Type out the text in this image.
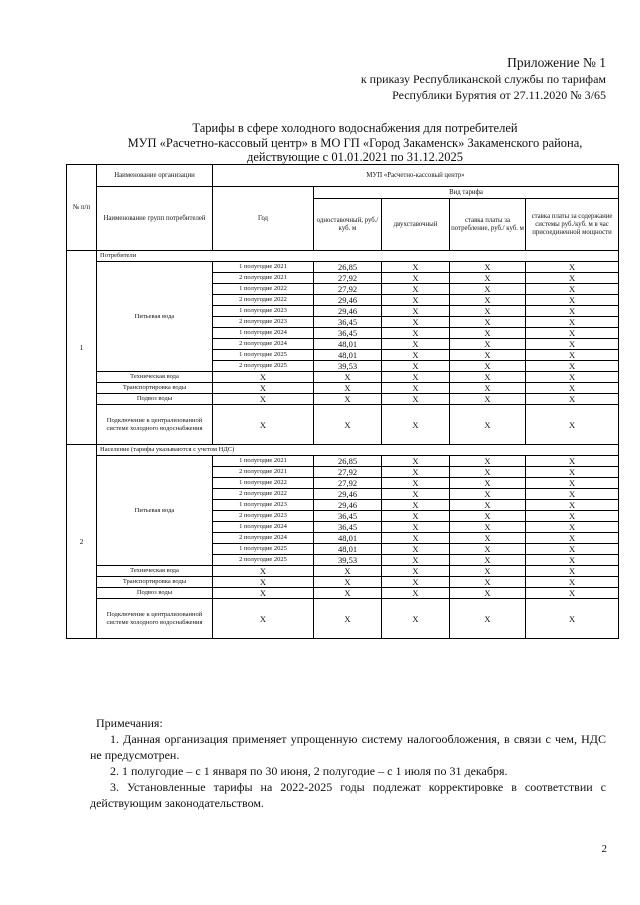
Приложение № 1
к приказу Республиканской службы по тарифам
Республики Бурятия от 27.11.2020 № 3/65
Тарифы в сфере холодного водоснабжения для потребителей
МУП «Расчетно-кассовый центр» в МО ГП «Город Закаменск» Закаменского района,
действующие с 01.01.2021 по 31.12.2025
№ п/п	Наименование организации	МУП «Расчетно-кассовый центр»				
	Наименование групп потребителей	Год	Вид тарифа			
			одноставочный, руб./ куб. м	двухставочный	ставка платы за потребление, руб./ куб. м	ставка платы за содержание системы руб./куб. м в час присоединенной мощности
1	Потребители					
	Питьевая вода	1 полугодие 2021	26,85	X	X	X
		2 полугодие 2021	27,92	X	X	X
		1 полугодие 2022	27,92	X	X	X
		2 полугодие 2022	29,46	X	X	X
		1 полугодие 2023	29,46	X	X	X
		2 полугодие 2023	36,45	X	X	X
		1 полугодие 2024	36,45	X	X	X
		2 полугодие 2024	48,01	X	X	X
		1 полугодие 2025	48,01	X	X	X
		2 полугодие 2025	39,53	X	X	X
	Техническая вода	X	X	X	X	X
	Транспортировка воды	X	X	X	X	X
	Подвоз воды	X	X	X	X	X
	Подключение к централизованной системе холодного водоснабжения	X	X	X	X	X
2	Население (тарифы указываются с учетом НДС)					
	Питьевая вода	1 полугодие 2021	26,85	X	X	X
		2 полугодие 2021	27,92	X	X	X
		1 полугодие 2022	27,92	X	X	X
		2 полугодие 2022	29,46	X	X	X
		1 полугодие 2023	29,46	X	X	X
		2 полугодие 2023	36,45	X	X	X
		1 полугодие 2024	36,45	X	X	X
		2 полугодие 2024	48,01	X	X	X
		1 полугодие 2025	48,01	X	X	X
		2 полугодие 2025	39,53	X	X	X
	Техническая вода	X	X	X	X	X
	Транспортировка воды	X	X	X	X	X
	Подвоз воды	X	X	X	X	X
	Подключение к централизованной системе холодного водоснабжения	X	X	X	X	X
Примечания:
1. Данная организация применяет упрощенную систему налогообложения, в связи с чем, НДС не предусмотрен.
2. 1 полугодие – с 1 января по 30 июня, 2 полугодие – с 1 июля по 31 декабря.
3. Установленные тарифы на 2022-2025 годы подлежат корректировке в соответствии с действующим законодательством.
2
